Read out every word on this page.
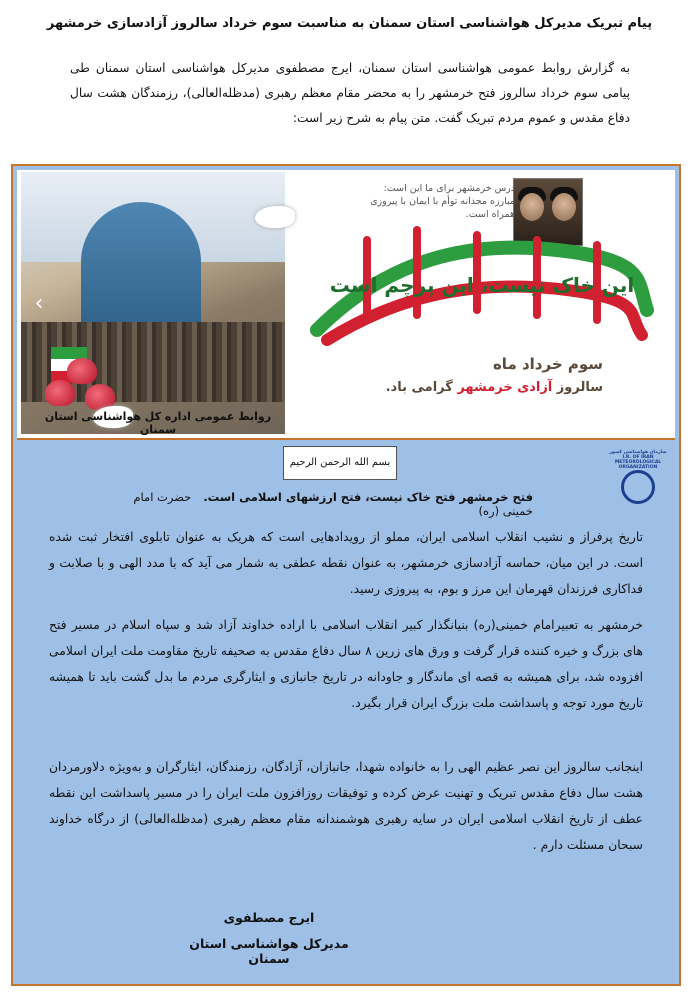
پیام تبریک مدیرکل هواشناسی استان سمنان به مناسبت سوم خرداد سالروز آزادسازی خرمشهر
به گزارش روابط عمومی هواشناسی استان سمنان، ایرج مصطفوی مدیرکل هواشناسی استان سمنان طی پیامی سوم خرداد سالروز فتح خرمشهر را به محضر مقام معظم رهبری (مدظله‌العالی)، رزمندگان هشت سال دفاع مقدس و عموم مردم تبریک گفت. متن پیام به شرح زیر است:
‹
روابط عمومی اداره کل هواشناسی استان سمنان
درس خرمشهر برای ما این است: مبارزه مجدانه توأم با ایمان با پیروزی همراه است.
این خاک نیست، این پرچم است
سوم خرداد ماه
سالروز آزادی خرمشهر گرامی باد.
بسم الله الرحمن الرحیم
سازمان هواشناسی کشور I.R. OF IRAN METEOROLOGICAL ORGANIZATION
فتح خرمشهر فتح خاک نیست، فتح ارزشهای اسلامی است. حضرت امام خمینی (ره)
تاریخ پرفراز و نشیب انقلاب اسلامی ایران، مملو از رویدادهایی است که هریک به عنوان تابلوی افتخار ثبت شده است. در این میان، حماسه آزادسازی خرمشهر، به عنوان نقطه عطفی به شمار می آید که با مدد الهی و با صلابت و فداکاری فرزندان قهرمان این مرز و بوم، به پیروزی رسید.
خرمشهر به تعبیرامام خمینی(ره) بنیانگذار کبیر انقلاب اسلامی با اراده خداوند آزاد شد و سپاه اسلام در مسیر فتح های بزرگ و خیره کننده قرار گرفت و ورق های زرین ۸ سال دفاع مقدس به صحیفه تاریخ مقاومت ملت ایران اسلامی افزوده شد، برای همیشه به قصه ای ماندگار و جاودانه در تاریخ جانبازی و ایثارگری مردم ما بدل گشت باید تا همیشه تاریخ مورد توجه و پاسداشت ملت بزرگ ایران قرار بگیرد.
اینجانب سالروز این نصر عظیم الهی را به خانواده شهدا، جانبازان، آزادگان، رزمندگان، ایثارگران و به‌ویژه دلاورمردان هشت سال دفاع مقدس تبریک و تهنیت عرض کرده و توفیقات روزافزون ملت ایران را در مسیر پاسداشت این نقطه عطف از تاریخ انقلاب اسلامی ایران در سایه رهبری هوشمندانه مقام معظم رهبری (مدظله‌العالی) از درگاه خداوند سبحان مسئلت دارم .
ایرج مصطفوی
مدیرکل هواشناسی استان سمنان
